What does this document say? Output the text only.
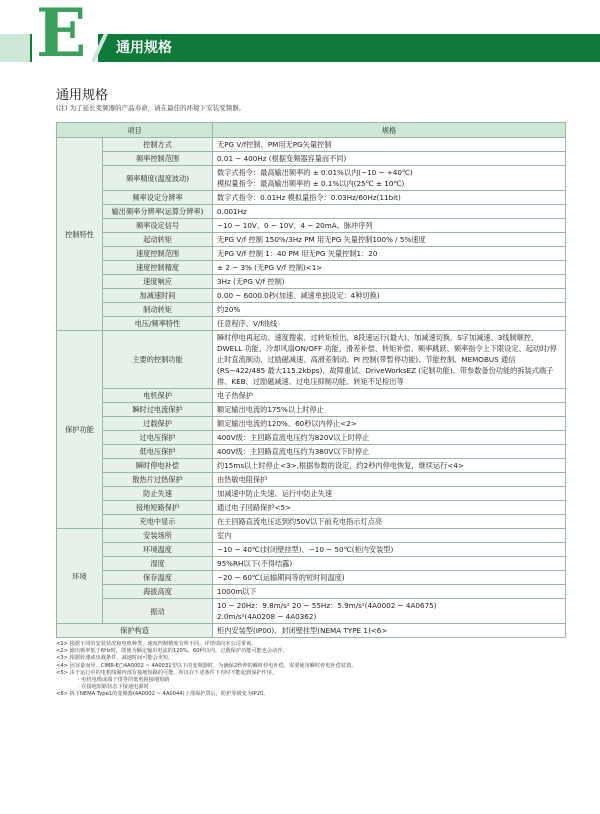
E 通用规格
通用规格
(注) 为了延长变频器的产品寿命，请在最佳的环境下安装变频器。
项目		规格
控制特性	控制方式	无PG V/f控制、PM用无PG矢量控制

	频率控制范围	0.01 ~ 400Hz (根据变频器容量而不同)

	频率精度(温度波动)	数字式指令：最高输出频率的 ± 0.01%以内(−10 ~ +40℃)
模拟量指令：最高输出频率的 ± 0.1%以内(25℃ ± 10℃)

	频率设定分辨率	数字式指令：0.01Hz 模拟量指令：0.03Hz/60Hz(11bit)

	输出频率分辨率(运算分辨率)	0.001Hz

	频率设定信号	−10 ~ 10V、0 ~ 10V、4 ~ 20mA、脉冲序列

	起动转矩	无PG V/f 控制 150%/3Hz PM 用无PG 矢量控制100% / 5%速度

	速度控制范围	无PG V/f 控制 1：40 PM 用无PG 矢量控制1：20

	速度控制精度	± 2 ~ 3% (无PG V/f 控制)<1>

	速度响应	3Hz (无PG V/f 控制)

	加减速时间	0.00 ~ 6000.0秒(加速、减速单独设定：4种切换)

	制动转矩	约20%

	电压/频率特性	任意程序、V/f曲线

保护功能	主要的控制功能	瞬时停电再起动、速度搜索、过转矩检出、8段速运行(最大)、加减速切换、S字加减速、3线制顺控、DWELL 功能、冷却风扇ON/OFF 功能、滑差补偿、转矩补偿、频率跳跃、频率指令上下限设定、起动时/停止时直流制动、过励磁减速、高滑差制动、PI 控制(带暂停功能)、节能控制、MEMOBUS 通信(RS−422/485 最大115.2kbps)、故障重试、DriveWorksEZ (定制功能)、带参数备份功能的拆装式端子排、KEB、过励磁减速、过电压抑制功能、转矩不足检出等

	电机保护	电子热保护

	瞬时过电流保护	额定输出电流的175%以上时停止

	过载保护	额定输出电流的120%、60秒以内停止<2>

	过电压保护	400V级：主回路直流电压约为820V以上时停止

	低电压保护	400V级：主回路直流电压约为380V以下时停止

	瞬时停电补偿	约15ms以上时停止<3>,根据参数的设定，约2秒内停电恢复，继续运行<4>

	散热片过热保护	由热敏电阻保护

	防止失速	加减速中防止失速、运行中防止失速

	接地短路保护	通过电子回路保护<5>

	充电中显示	在主回路直流电压达到约50V以下前充电指示灯点亮

环境	安装场所	室内

	环境温度	−10 ~ 40℃(封闭壁挂型)、−10 ~ 50℃(柜内安装型)

	湿度	95%RH以下(不得结露)

	保存温度	−20 ~ 60℃(运输期间等的短时间温度)

	海拔高度	1000m以下

	振动	10 ~ 20Hz：9.8m/s² 20 ~ 55Hz：5.9m/s²(4A0002 ~ 4A0675)
2.0m/s²(4A0208 ~ 4A0362)

保护构造		柜内安装型(IP00)、封闭壁挂型(NEMA TYPE 1)<6>
<1> 根据不同的安装状况和电机种类，速度控制精度有所不同。详情请向本公司垂询。
<2> 输出频率低于6Hz时，即使为额定输出电流的120%、60秒以内，过载保护功能可能也会动作。
<3> 根据转速或负载条件，减速时间可能会更短。
<4> 因容量而异。CIMR-E□4A0002 ~ 4A0031型以下的变频器时，为确保2秒钟的瞬时停电补偿，需要使用瞬时停电补偿装置。
<5> 由于运行中的电机线圈内部有接地短路的可能，所以在下述条件下有时不能起到保护作用。
· 电机电缆或端子排等的低电阻接地短路
· 在接地短路状态下接通电源时
<6> 拆下NEMA Type1的变频器(4A0002 ~ 4A0044)上部保护罩后，防护等级变为IP20。
